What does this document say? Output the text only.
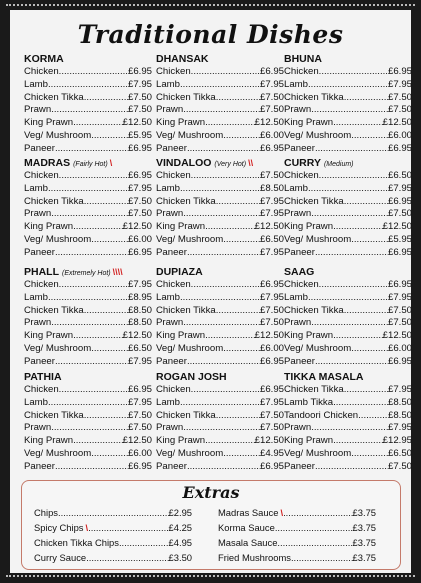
Traditional Dishes
KORMA
Chicken .....	£6.95
Lamb .....	£7.95
Chicken Tikka .....	£7.50
Prawn .....	£7.50
King Prawn .....	£12.50
Veg/ Mushroom .....	£5.95
Paneer .....	£6.95
DHANSAK
Chicken .....	£6.95
Lamb .....	£7.95
Chicken Tikka .....	£7.50
Prawn .....	£7.50
King Prawn .....	£12.50
Veg/ Mushroom .....	£6.00
Paneer .....	£6.95
BHUNA
Chicken .....	£6.95
Lamb .....	£7.95
Chicken Tikka .....	£7.50
Prawn .....	£7.50
King Prawn .....	£12.50
Veg/ Mushroom .....	£6.00
Paneer .....	£6.95
MADRAS (Fairly Hot) \
Chicken .....	£6.95
Lamb .....	£7.95
Chicken Tikka .....	£7.50
Prawn .....	£7.50
King Prawn .....	£12.50
Veg/ Mushroom .....	£6.00
Paneer .....	£6.95
VINDALOO (Very Hot) \\
Chicken .....	£7.50
Lamb .....	£8.50
Chicken Tikka .....	£7.95
Prawn .....	£7.95
King Prawn .....	£12.50
Veg/ Mushroom .....	£6.50
Paneer .....	£7.95
CURRY (Medium)
Chicken .....	£6.50
Lamb .....	£7.95
Chicken Tikka .....	£6.95
Prawn .....	£7.50
King Prawn .....	£12.50
Veg/ Mushroom .....	£5.95
Paneer .....	£6.95
PHALL (Extremely Hot) \\\\
Chicken .....	£7.95
Lamb .....	£8.95
Chicken Tikka .....	£8.50
Prawn .....	£8.50
King Prawn .....	£12.50
Veg/ Mushroom .....	£6.50
Paneer .....	£7.95
DUPIAZA
Chicken .....	£6.95
Lamb .....	£7.95
Chicken Tikka .....	£7.50
Prawn .....	£7.50
King Prawn .....	£12.50
Veg/ Mushroom .....	£6.00
Paneer .....	£6.95
SAAG
Chicken .....	£6.95
Lamb .....	£7.95
Chicken Tikka .....	£7.50
Prawn .....	£7.50
King Prawn .....	£12.50
Veg/ Mushroom .....	£6.00
Paneer .....	£6.95
PATHIA
Chicken .....	£6.95
Lamb .....	£7.95
Chicken Tikka .....	£7.50
Prawn .....	£7.50
King Prawn .....	£12.50
Veg/ Mushroom .....	£6.00
Paneer .....	£6.95
ROGAN JOSH
Chicken .....	£6.95
Lamb .....	£7.95
Chicken Tikka .....	£7.50
Prawn .....	£7.50
King Prawn .....	£12.50
Veg/ Mushroom .....	£4.95
Paneer .....	£6.95
TIKKA MASALA
Chicken Tikka .....	£7.95
Lamb Tikka .....	£8.50
Tandoori Chicken .....	£8.50
Prawn .....	£7.95
King Prawn .....	£12.95
Veg/ Mushroom .....	£6.50
Paneer .....	£7.50
Extras
Chips .....	£2.95
Spicy Chips \ .....	£4.25
Chicken Tikka Chips .....	£4.95
Curry Sauce .....	£3.50
Madras Sauce \ .....	£3.75
Korma Sauce .....	£3.75
Masala Sauce .....	£3.75
Fried Mushrooms .....	£3.75
